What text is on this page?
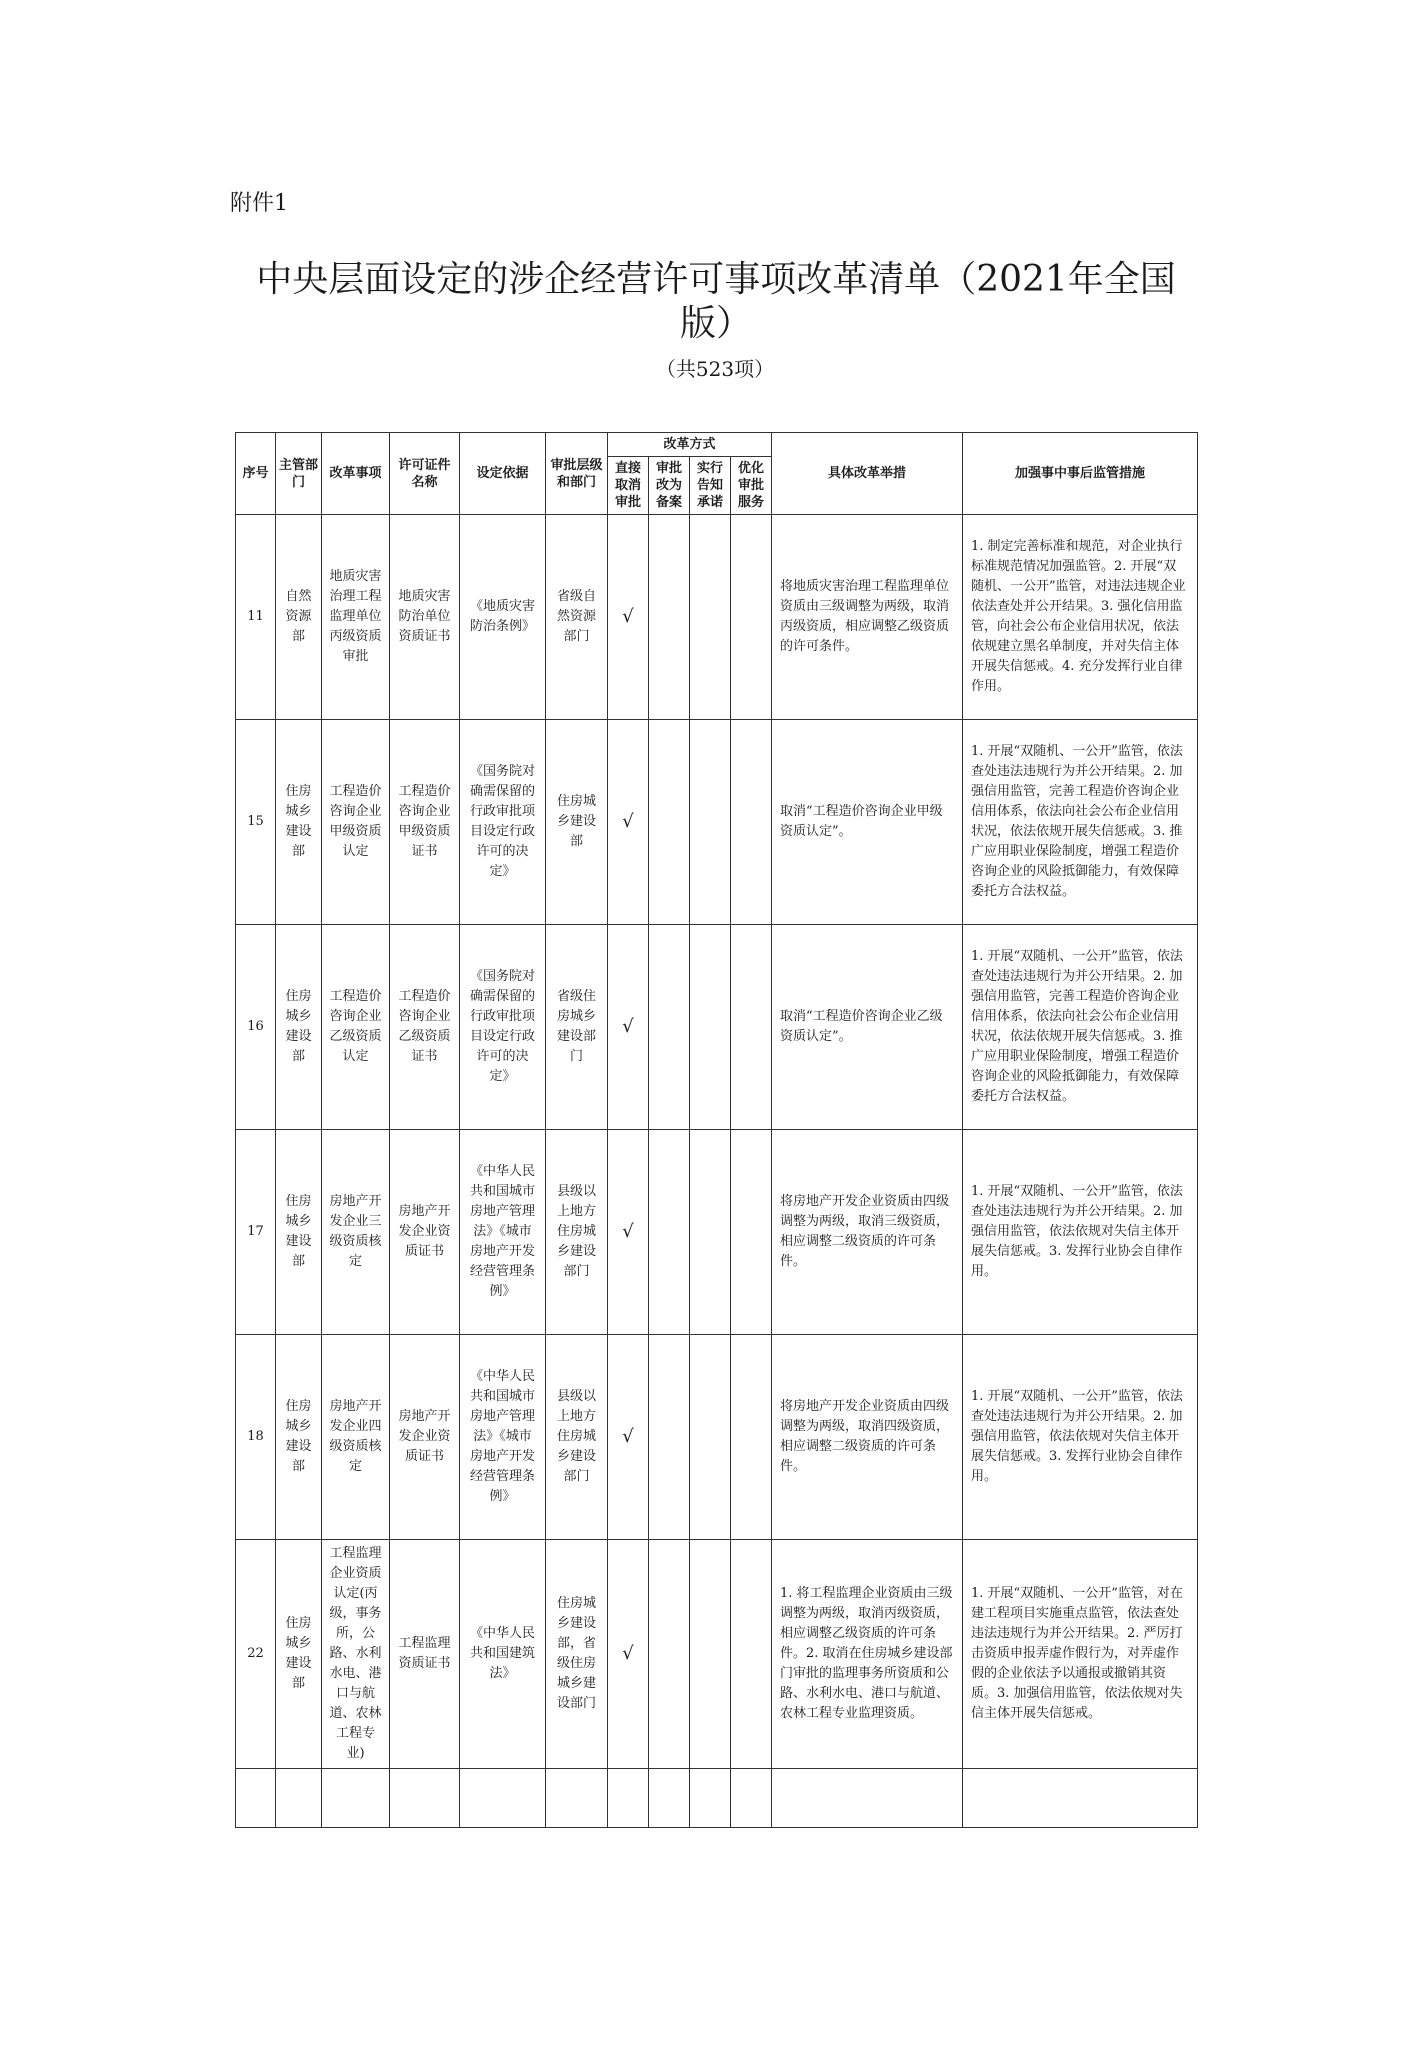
附件1
中央层面设定的涉企经营许可事项改革清单（2021年全国版）
（共523项）
序号	主管部门	改革事项	许可证件名称	设定依据	审批层级和部门	改革方式				具体改革举措	加强事中事后监管措施
						直接取消审批	审批改为备案	实行告知承诺	优化审批服务		
11	自然资源部	地质灾害治理工程监理单位丙级资质审批	地质灾害防治单位资质证书	《地质灾害防治条例》	省级自然资源部门	√				将地质灾害治理工程监理单位资质由三级调整为两级，取消丙级资质，相应调整乙级资质的许可条件。	1. 制定完善标准和规范，对企业执行标准规范情况加强监管。2. 开展“双随机、一公开”监管，对违法违规企业依法查处并公开结果。3. 强化信用监管，向社会公布企业信用状况，依法依规建立黑名单制度，并对失信主体开展失信惩戒。4. 充分发挥行业自律作用。
15	住房城乡建设部	工程造价咨询企业甲级资质认定	工程造价咨询企业甲级资质证书	《国务院对确需保留的行政审批项目设定行政许可的决定》	住房城乡建设部	√				取消“工程造价咨询企业甲级资质认定”。	1. 开展“双随机、一公开”监管，依法查处违法违规行为并公开结果。2. 加强信用监管，完善工程造价咨询企业信用体系，依法向社会公布企业信用状况，依法依规开展失信惩戒。3. 推广应用职业保险制度，增强工程造价咨询企业的风险抵御能力，有效保障委托方合法权益。
16	住房城乡建设部	工程造价咨询企业乙级资质认定	工程造价咨询企业乙级资质证书	《国务院对确需保留的行政审批项目设定行政许可的决定》	省级住房城乡建设部门	√				取消“工程造价咨询企业乙级资质认定”。	1. 开展“双随机、一公开”监管，依法查处违法违规行为并公开结果。2. 加强信用监管，完善工程造价咨询企业信用体系，依法向社会公布企业信用状况，依法依规开展失信惩戒。3. 推广应用职业保险制度，增强工程造价咨询企业的风险抵御能力，有效保障委托方合法权益。
17	住房城乡建设部	房地产开发企业三级资质核定	房地产开发企业资质证书	《中华人民共和国城市房地产管理法》《城市房地产开发经营管理条例》	县级以上地方住房城乡建设部门	√				将房地产开发企业资质由四级调整为两级，取消三级资质，相应调整二级资质的许可条件。	1. 开展“双随机、一公开”监管，依法查处违法违规行为并公开结果。2. 加强信用监管，依法依规对失信主体开展失信惩戒。3. 发挥行业协会自律作用。
18	住房城乡建设部	房地产开发企业四级资质核定	房地产开发企业资质证书	《中华人民共和国城市房地产管理法》《城市房地产开发经营管理条例》	县级以上地方住房城乡建设部门	√				将房地产开发企业资质由四级调整为两级，取消四级资质，相应调整二级资质的许可条件。	1. 开展“双随机、一公开”监管，依法查处违法违规行为并公开结果。2. 加强信用监管，依法依规对失信主体开展失信惩戒。3. 发挥行业协会自律作用。
22	住房城乡建设部	工程监理企业资质认定(丙级，事务所，公路、水利水电、港口与航道、农林工程专业)	工程监理资质证书	《中华人民共和国建筑法》	住房城乡建设部，省级住房城乡建设部门	√				1. 将工程监理企业资质由三级调整为两级，取消丙级资质，相应调整乙级资质的许可条件。2. 取消在住房城乡建设部门审批的监理事务所资质和公路、水利水电、港口与航道、农林工程专业监理资质。	1. 开展“双随机、一公开”监管，对在建工程项目实施重点监管，依法查处违法违规行为并公开结果。2. 严厉打击资质申报弄虚作假行为，对弄虚作假的企业依法予以通报或撤销其资质。3. 加强信用监管，依法依规对失信主体开展失信惩戒。
